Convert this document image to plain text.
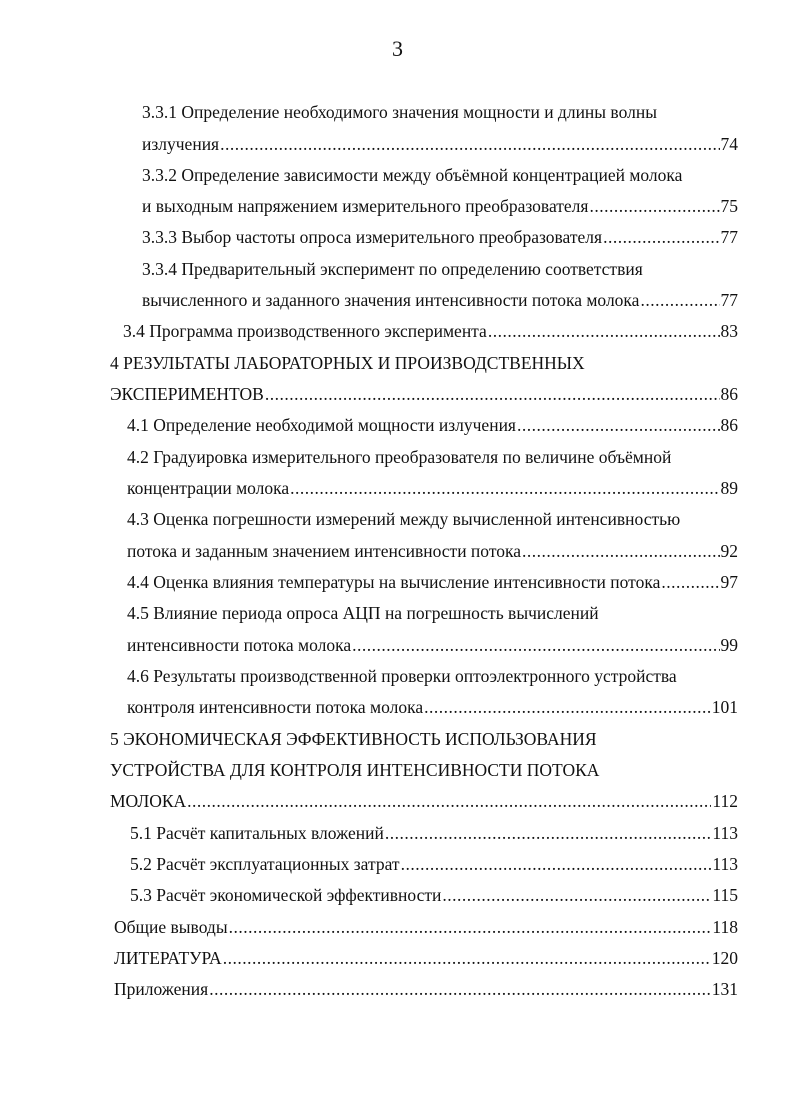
3
3.3.1 Определение необходимого значения мощности и длины волны
излучения .....	74
3.3.2 Определение зависимости между объёмной концентрацией молока
и выходным напряжением измерительного преобразователя .....	75
3.3.3 Выбор частоты опроса измерительного преобразователя .....	77
3.3.4 Предварительный эксперимент по определению соответствия
вычисленного и заданного значения интенсивности потока молока .....	77
3.4 Программа производственного эксперимента .....	83
4 РЕЗУЛЬТАТЫ ЛАБОРАТОРНЫХ И ПРОИЗВОДСТВЕННЫХ
ЭКСПЕРИМЕНТОВ .....	86
4.1 Определение необходимой мощности излучения .....	86
4.2 Градуировка измерительного преобразователя по величине объёмной
концентрации молока .....	89
4.3 Оценка погрешности измерений между вычисленной интенсивностью
потока и заданным значением интенсивности потока .....	92
4.4 Оценка влияния температуры на вычисление интенсивности потока .....	97
4.5 Влияние периода опроса АЦП на погрешность вычислений
интенсивности потока молока .....	99
4.6 Результаты производственной проверки оптоэлектронного устройства
контроля интенсивности потока молока .....	101
5 ЭКОНОМИЧЕСКАЯ ЭФФЕКТИВНОСТЬ ИСПОЛЬЗОВАНИЯ
УСТРОЙСТВА ДЛЯ КОНТРОЛЯ ИНТЕНСИВНОСТИ ПОТОКА
МОЛОКА .....	112
5.1 Расчёт капитальных вложений .....	113
5.2 Расчёт эксплуатационных затрат .....	113
5.3 Расчёт экономической эффективности .....	115
Общие выводы .....	118
ЛИТЕРАТУРА .....	120
Приложения .....	131
